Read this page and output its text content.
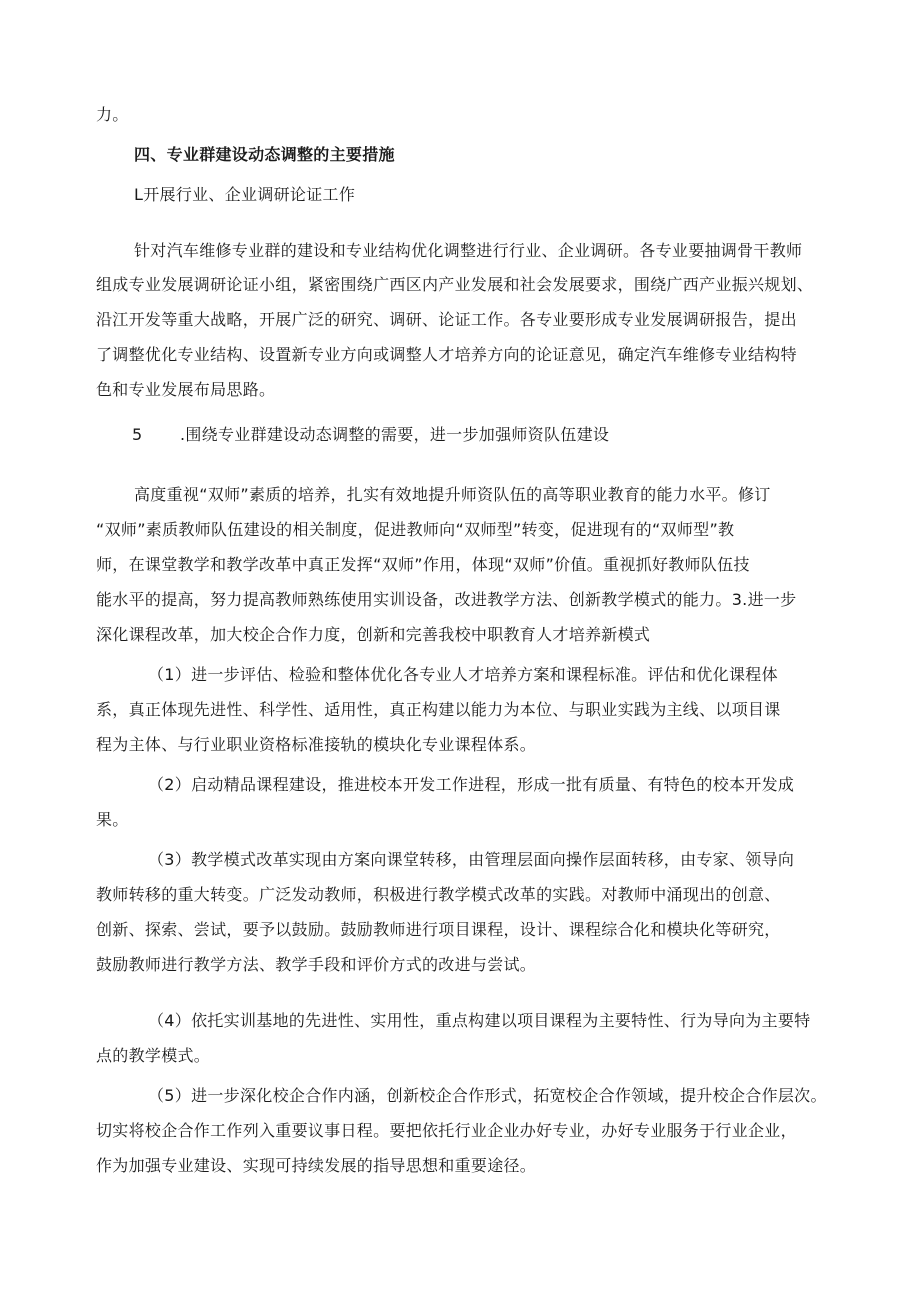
力。
四、专业群建设动态调整的主要措施
L开展行业、企业调研论证工作
针对汽车维修专业群的建设和专业结构优化调整进行行业、企业调研。各专业要抽调骨干教师
组成专业发展调研论证小组，紧密围绕广西区内产业发展和社会发展要求，围绕广西产业振兴规划、
沿江开发等重大战略，开展广泛的研究、调研、论证工作。各专业要形成专业发展调研报告，提出
了调整优化专业结构、设置新专业方向或调整人才培养方向的论证意见，确定汽车维修专业结构特
色和专业发展布局思路。
5 .围绕专业群建设动态调整的需要，进一步加强师资队伍建设
高度重视“双师”素质的培养，扎实有效地提升师资队伍的高等职业教育的能力水平。修订
“双师”素质教师队伍建设的相关制度，促进教师向“双师型”转变，促进现有的“双师型”教
师，在课堂教学和教学改革中真正发挥“双师”作用，体现“双师”价值。重视抓好教师队伍技
能水平的提高，努力提高教师熟练使用实训设备，改进教学方法、创新教学模式的能力。3.进一步
深化课程改革，加大校企合作力度，创新和完善我校中职教育人才培养新模式
（1）进一步评估、检验和整体优化各专业人才培养方案和课程标准。评估和优化课程体
系，真正体现先进性、科学性、适用性，真正构建以能力为本位、与职业实践为主线、以项目课
程为主体、与行业职业资格标准接轨的模块化专业课程体系。
（2）启动精品课程建设，推进校本开发工作进程，形成一批有质量、有特色的校本开发成
果。
（3）教学模式改革实现由方案向课堂转移，由管理层面向操作层面转移，由专家、领导向
教师转移的重大转变。广泛发动教师，积极进行教学模式改革的实践。对教师中涌现出的创意、
创新、探索、尝试，要予以鼓励。鼓励教师进行项目课程，设计、课程综合化和模块化等研究，
鼓励教师进行教学方法、教学手段和评价方式的改进与尝试。
（4）依托实训基地的先进性、实用性，重点构建以项目课程为主要特性、行为导向为主要特
点的教学模式。
（5）进一步深化校企合作内涵，创新校企合作形式，拓宽校企合作领域，提升校企合作层次。
切实将校企合作工作列入重要议事日程。要把依托行业企业办好专业，办好专业服务于行业企业，
作为加强专业建设、实现可持续发展的指导思想和重要途径。
